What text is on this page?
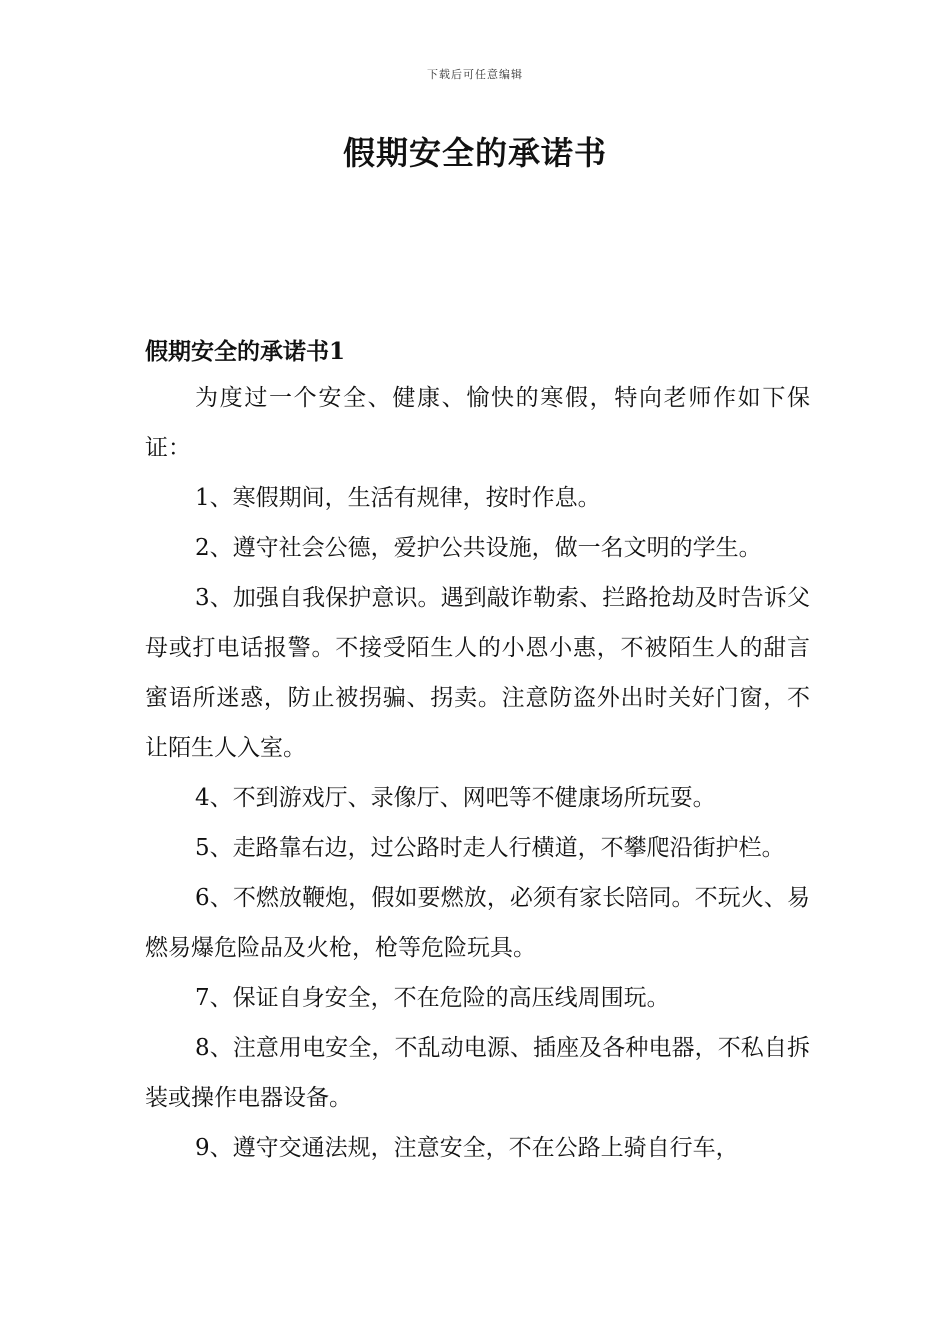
下载后可任意编辑
假期安全的承诺书
假期安全的承诺书1

为度过一个安全、健康、愉快的寒假，特向老师作如下保证：

1、寒假期间，生活有规律，按时作息。

2、遵守社会公德，爱护公共设施，做一名文明的学生。

3、加强自我保护意识。遇到敲诈勒索、拦路抢劫及时告诉父母或打电话报警。不接受陌生人的小恩小惠，不被陌生人的甜言蜜语所迷惑，防止被拐骗、拐卖。注意防盗外出时关好门窗，不让陌生人入室。

4、不到游戏厅、录像厅、网吧等不健康场所玩耍。

5、走路靠右边，过公路时走人行横道，不攀爬沿街护栏。

6、不燃放鞭炮，假如要燃放，必须有家长陪同。不玩火、易燃易爆危险品及火枪，枪等危险玩具。

7、保证自身安全，不在危险的高压线周围玩。

8、注意用电安全，不乱动电源、插座及各种电器，不私自拆装或操作电器设备。

9、遵守交通法规，注意安全，不在公路上骑自行车，
